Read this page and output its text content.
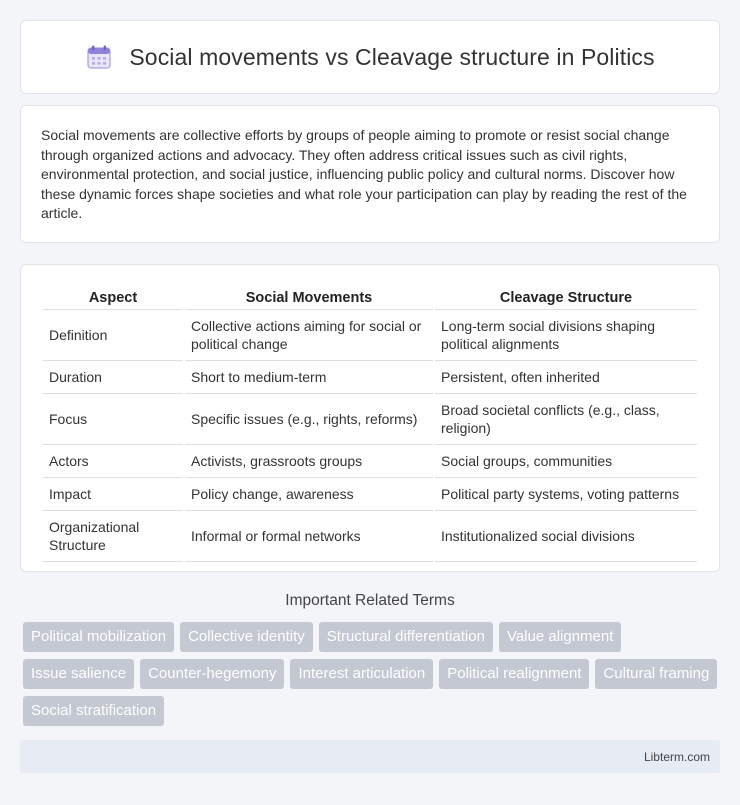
Social movements vs Cleavage structure in Politics

Social movements are collective efforts by groups of people aiming to promote or resist social change through organized actions and advocacy. They often address critical issues such as civil rights, environmental protection, and social justice, influencing public policy and cultural norms. Discover how these dynamic forces shape societies and what role your participation can play by reading the rest of the article.

Aspect	Social Movements	Cleavage Structure
Definition	Collective actions aiming for social or political change	Long-term social divisions shaping political alignments
Duration	Short to medium-term	Persistent, often inherited
Focus	Specific issues (e.g., rights, reforms)	Broad societal conflicts (e.g., class, religion)
Actors	Activists, grassroots groups	Social groups, communities
Impact	Policy change, awareness	Political party systems, voting patterns
Organizational Structure	Informal or formal networks	Institutionalized social divisions
Important Related Terms
Political mobilization	Collective identity	Structural differentiation	Value alignment
Issue salience	Counter-hegemony	Interest articulation	Political realignment	Cultural framing
Social stratification
Libterm.com
